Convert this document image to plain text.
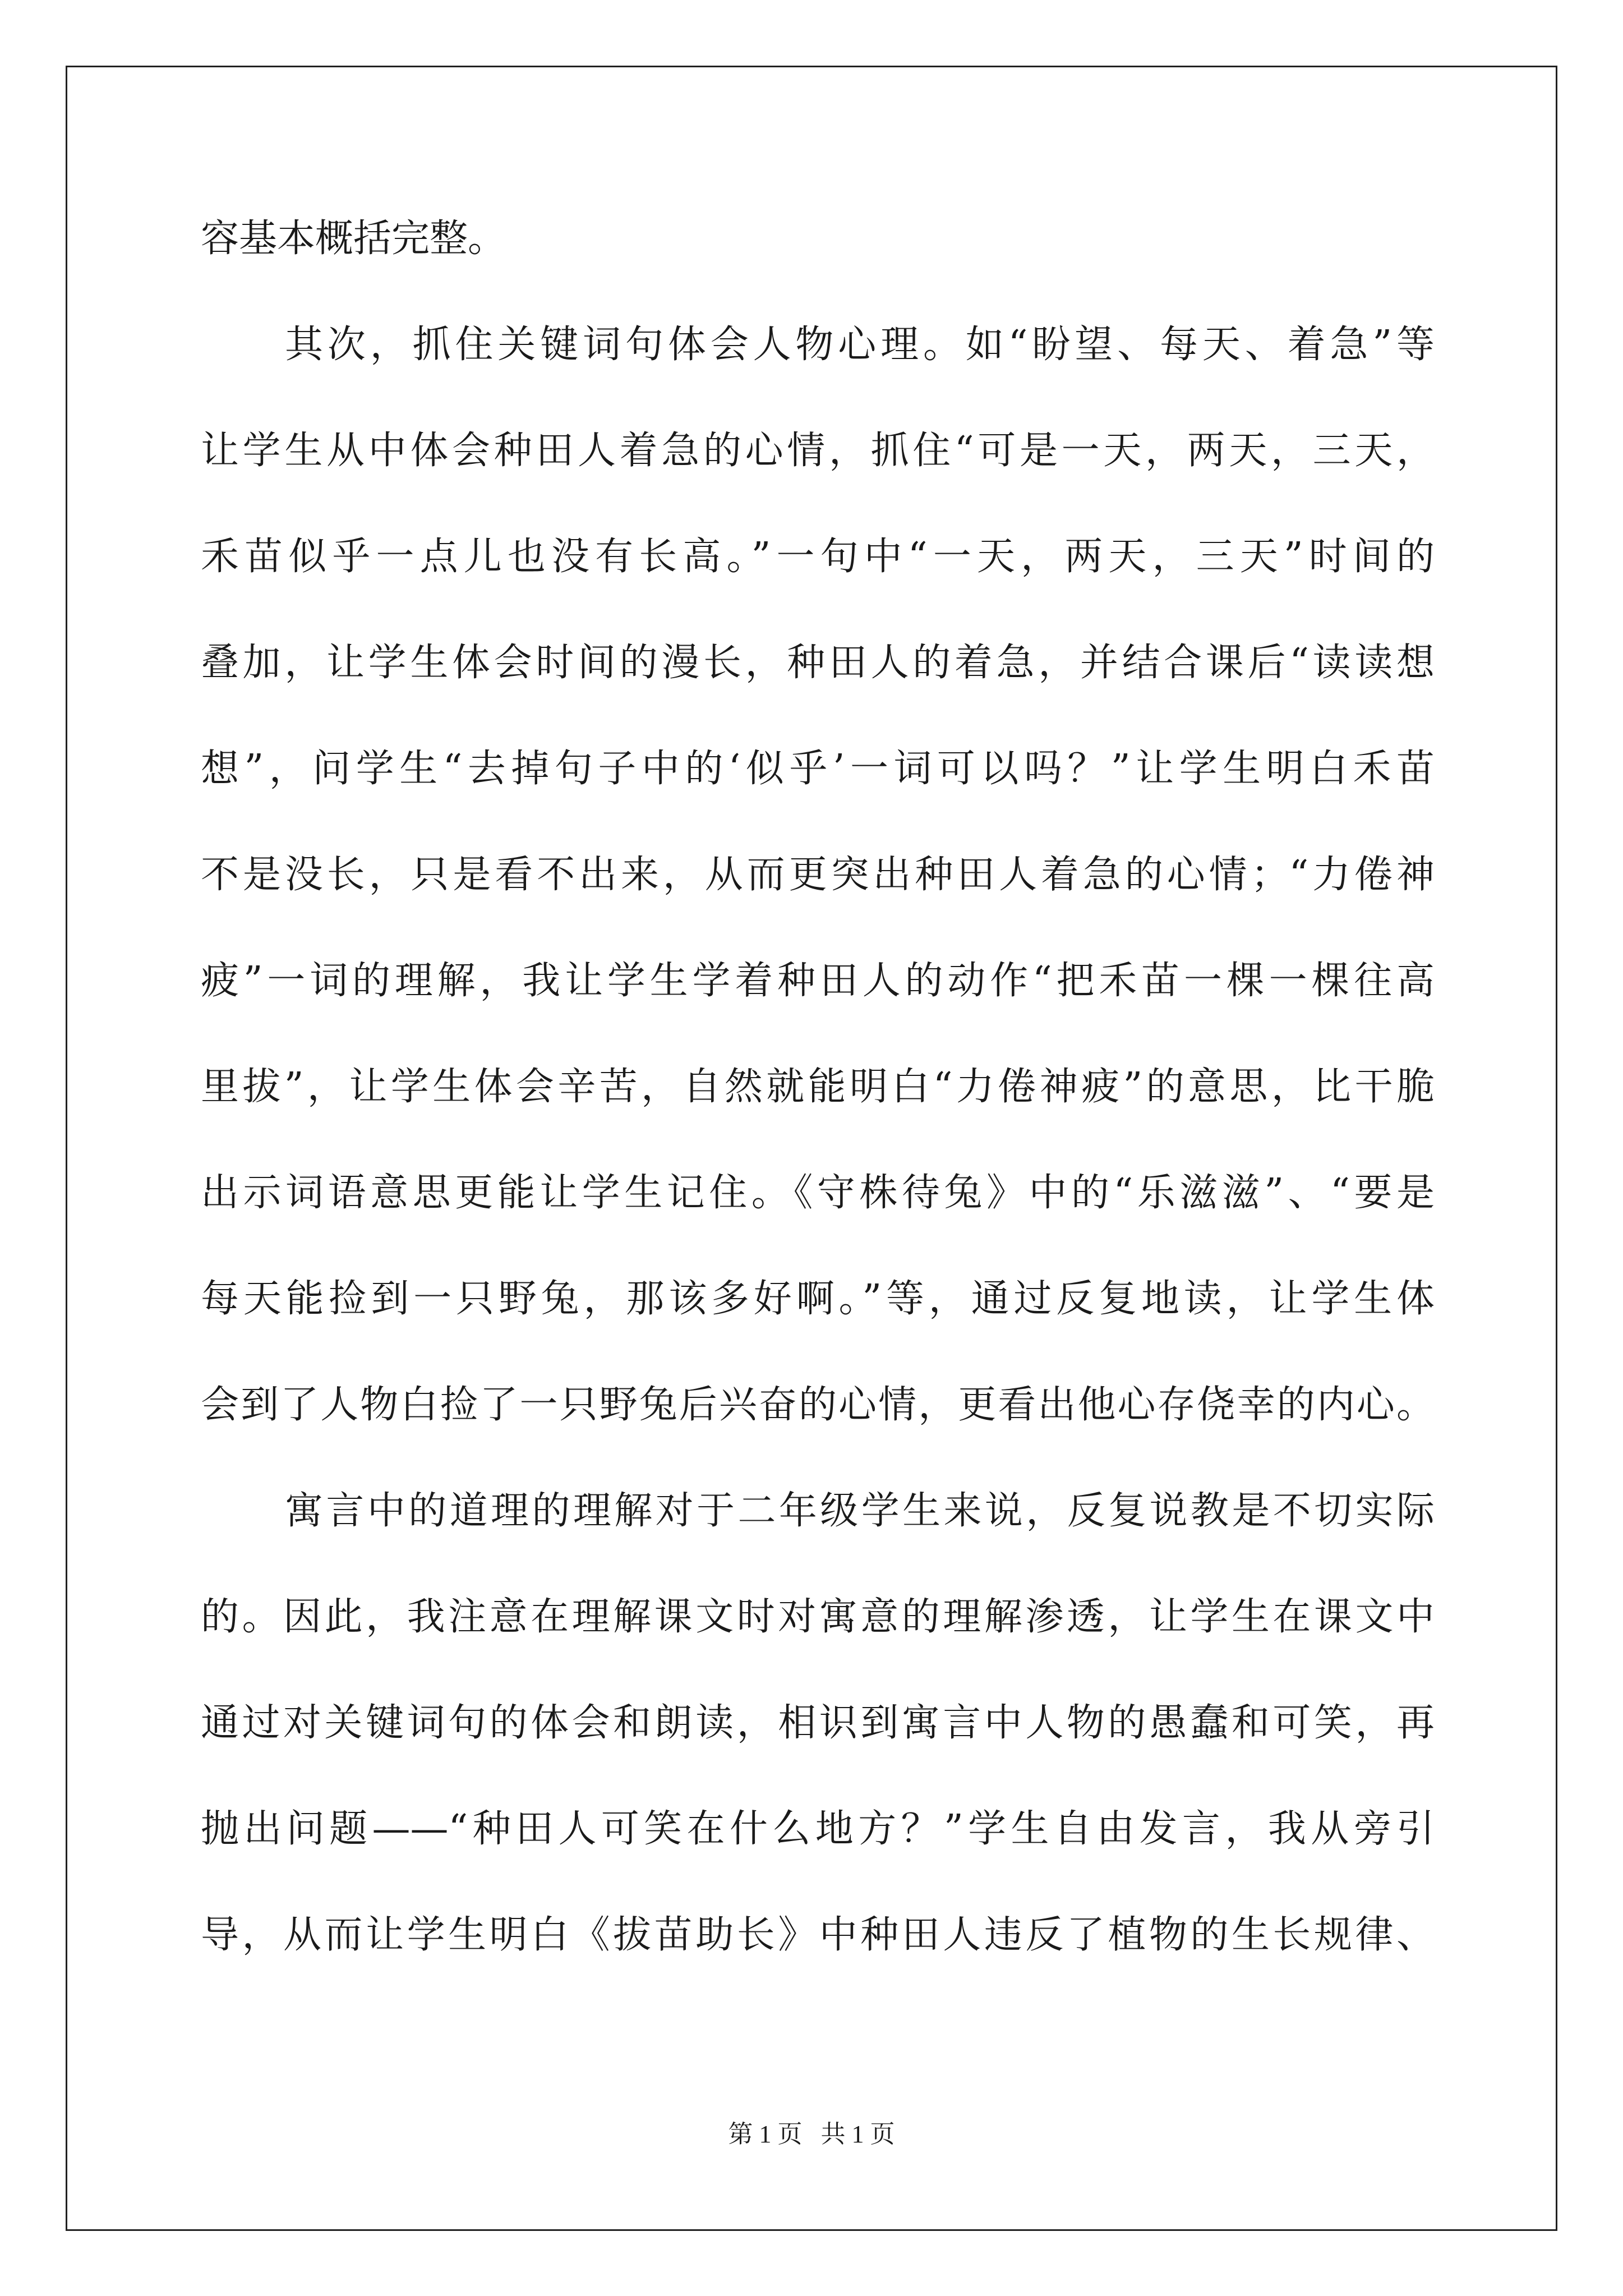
容基本概括完整。
其次，抓住关键词句体会人物心理。如“盼望、每天、着急”等
让学生从中体会种田人着急的心情，抓住“可是一天，两天，三天，
禾苗似乎一点儿也没有长高。”一句中“一天，两天，三天”时间的
叠加，让学生体会时间的漫长，种田人的着急，并结合课后“读读想
想”，问学生“去掉句子中的‘似乎’一词可以吗？”让学生明白禾苗
不是没长，只是看不出来，从而更突出种田人着急的心情；“力倦神
疲”一词的理解，我让学生学着种田人的动作“把禾苗一棵一棵往高
里拔”，让学生体会辛苦，自然就能明白“力倦神疲”的意思，比干脆
出示词语意思更能让学生记住。《守株待兔》中的“乐滋滋”、“要是
每天能捡到一只野兔，那该多好啊。”等，通过反复地读，让学生体
会到了人物白捡了一只野兔后兴奋的心情，更看出他心存侥幸的内心。
寓言中的道理的理解对于二年级学生来说，反复说教是不切实际
的。因此，我注意在理解课文时对寓意的理解渗透，让学生在课文中
通过对关键词句的体会和朗读，相识到寓言中人物的愚蠢和可笑，再
抛出问题——“种田人可笑在什么地方？”学生自由发言，我从旁引
导，从而让学生明白《拔苗助长》中种田人违反了植物的生长规律、
第 1 页   共 1 页
